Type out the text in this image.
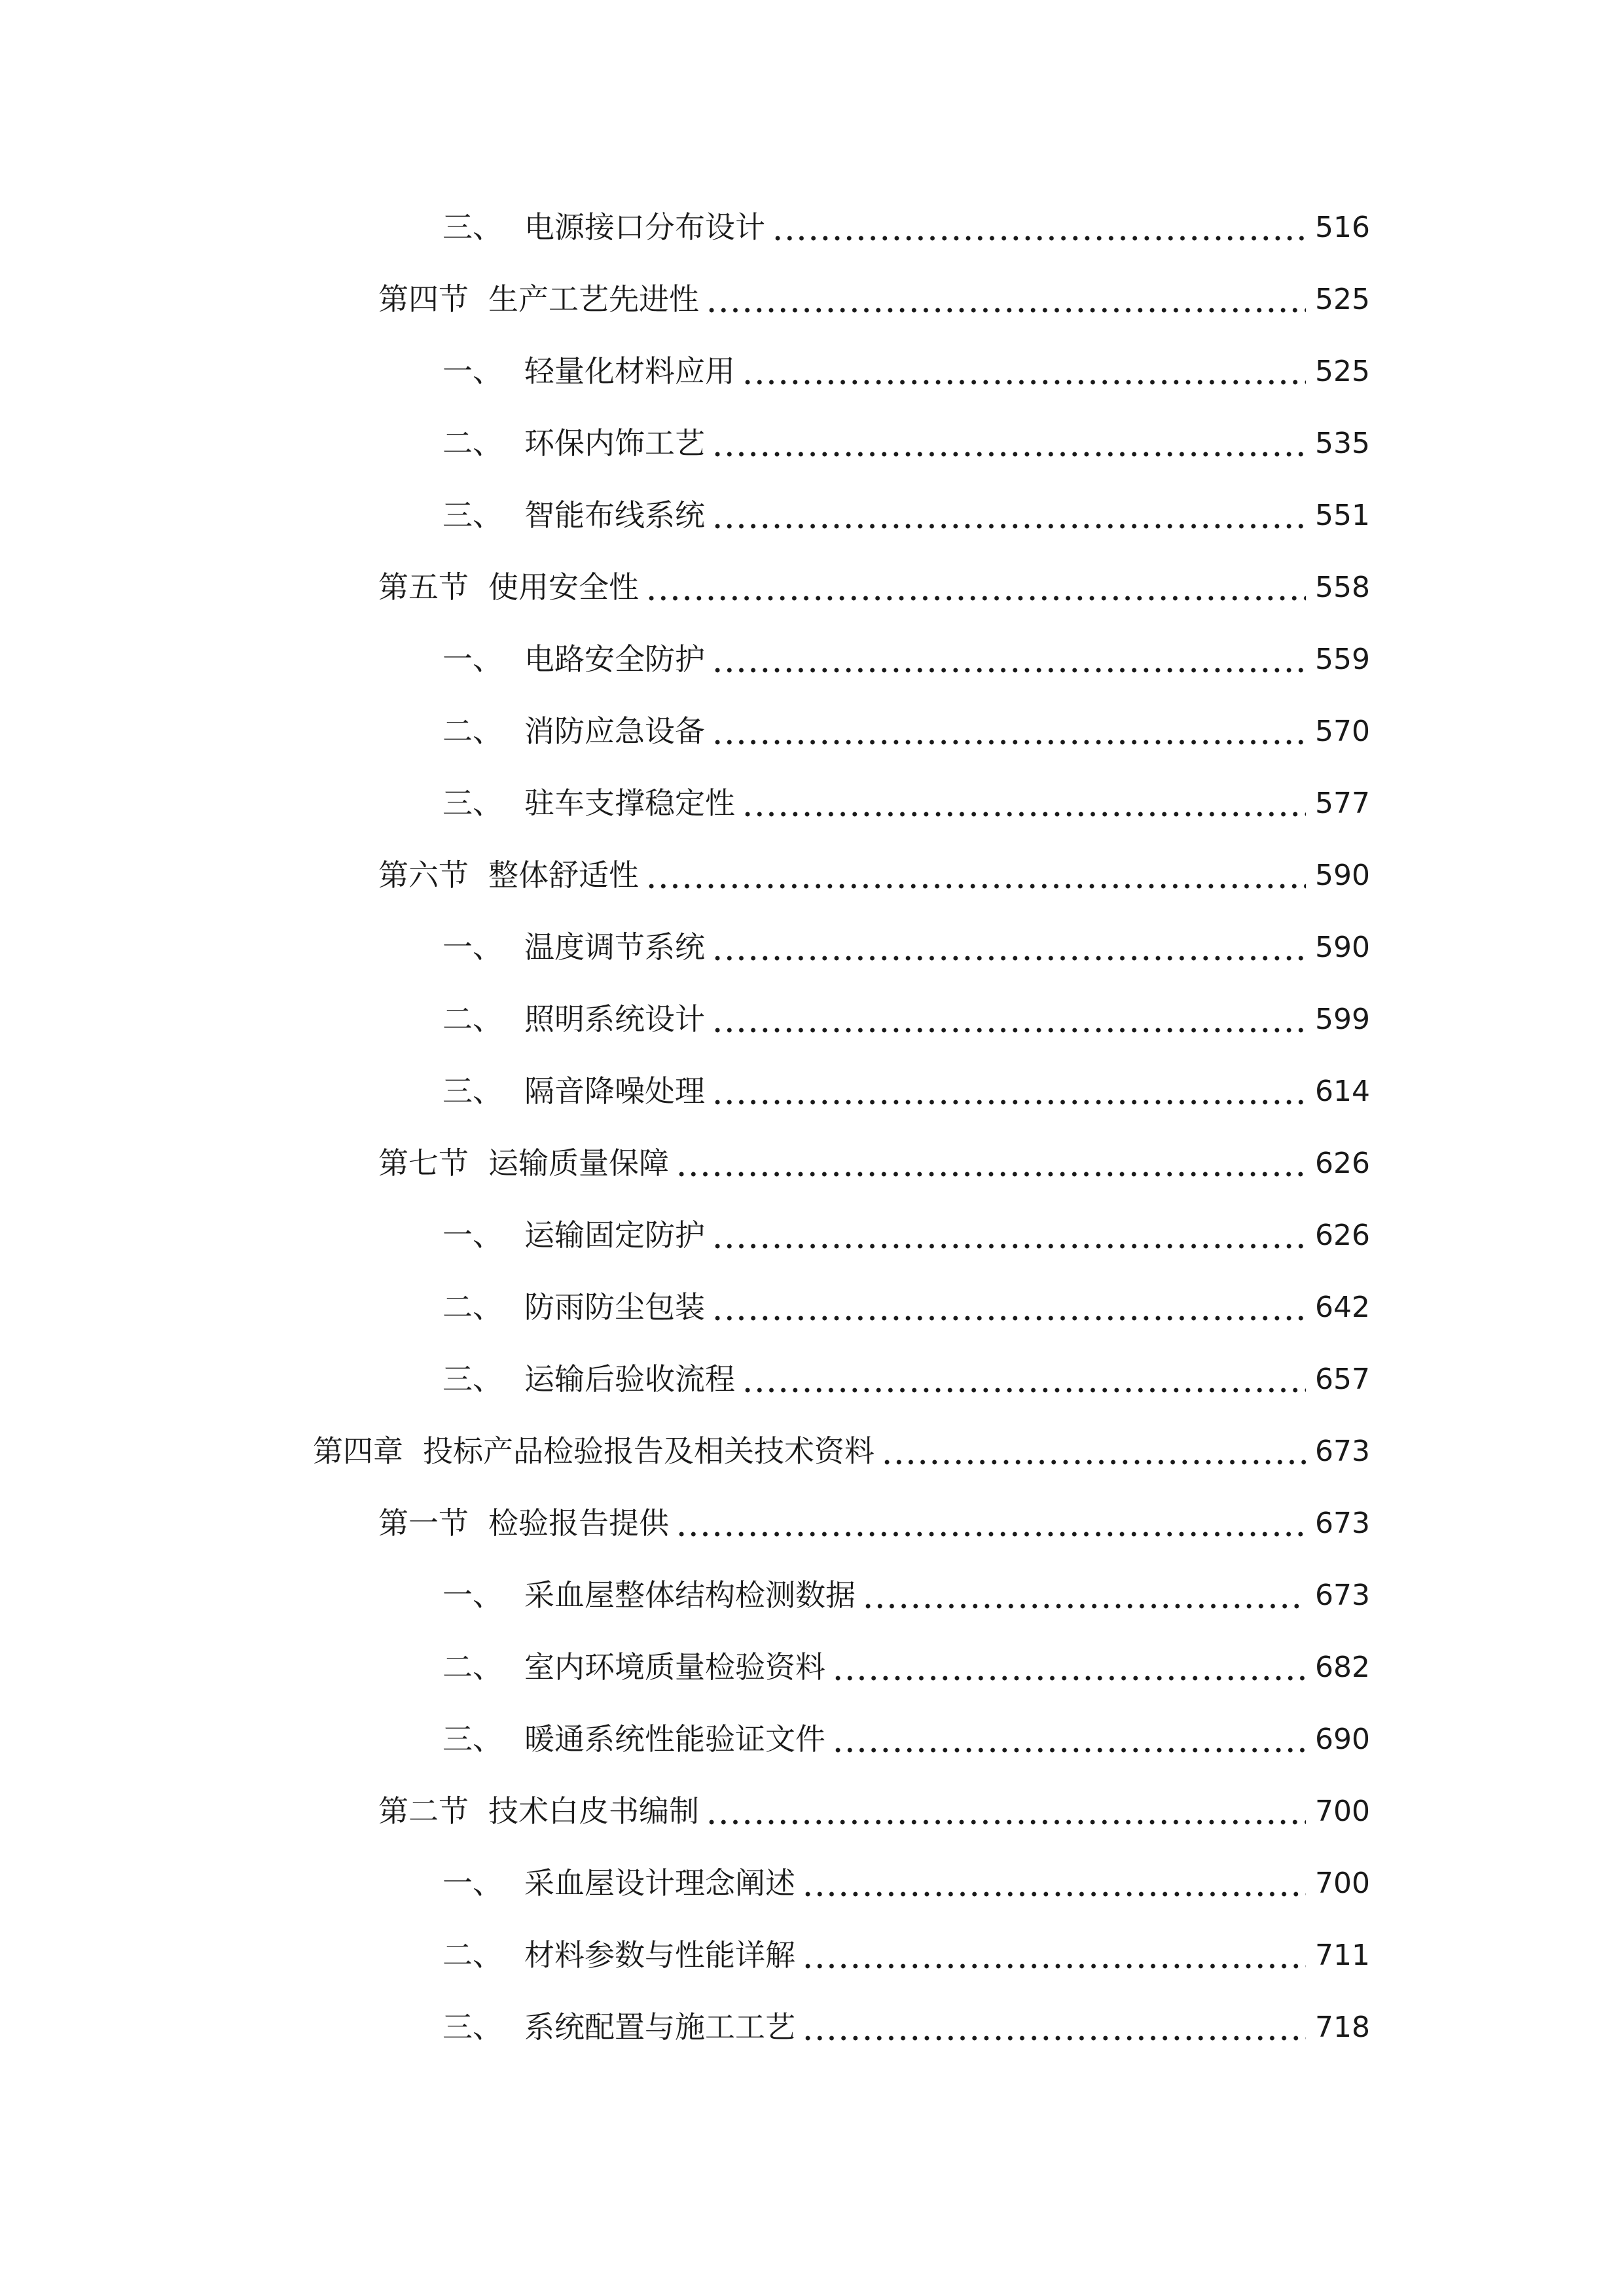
三、 电源接口分布设计	516
第四节 生产工艺先进性	525
一、 轻量化材料应用	525
二、 环保内饰工艺	535
三、 智能布线系统	551
第五节 使用安全性	558
一、 电路安全防护	559
二、 消防应急设备	570
三、 驻车支撑稳定性	577
第六节 整体舒适性	590
一、 温度调节系统	590
二、 照明系统设计	599
三、 隔音降噪处理	614
第七节 运输质量保障	626
一、 运输固定防护	626
二、 防雨防尘包装	642
三、 运输后验收流程	657
第四章 投标产品检验报告及相关技术资料	673
第一节 检验报告提供	673
一、 采血屋整体结构检测数据	673
二、 室内环境质量检验资料	682
三、 暖通系统性能验证文件	690
第二节 技术白皮书编制	700
一、 采血屋设计理念阐述	700
二、 材料参数与性能详解	711
三、 系统配置与施工工艺	718
